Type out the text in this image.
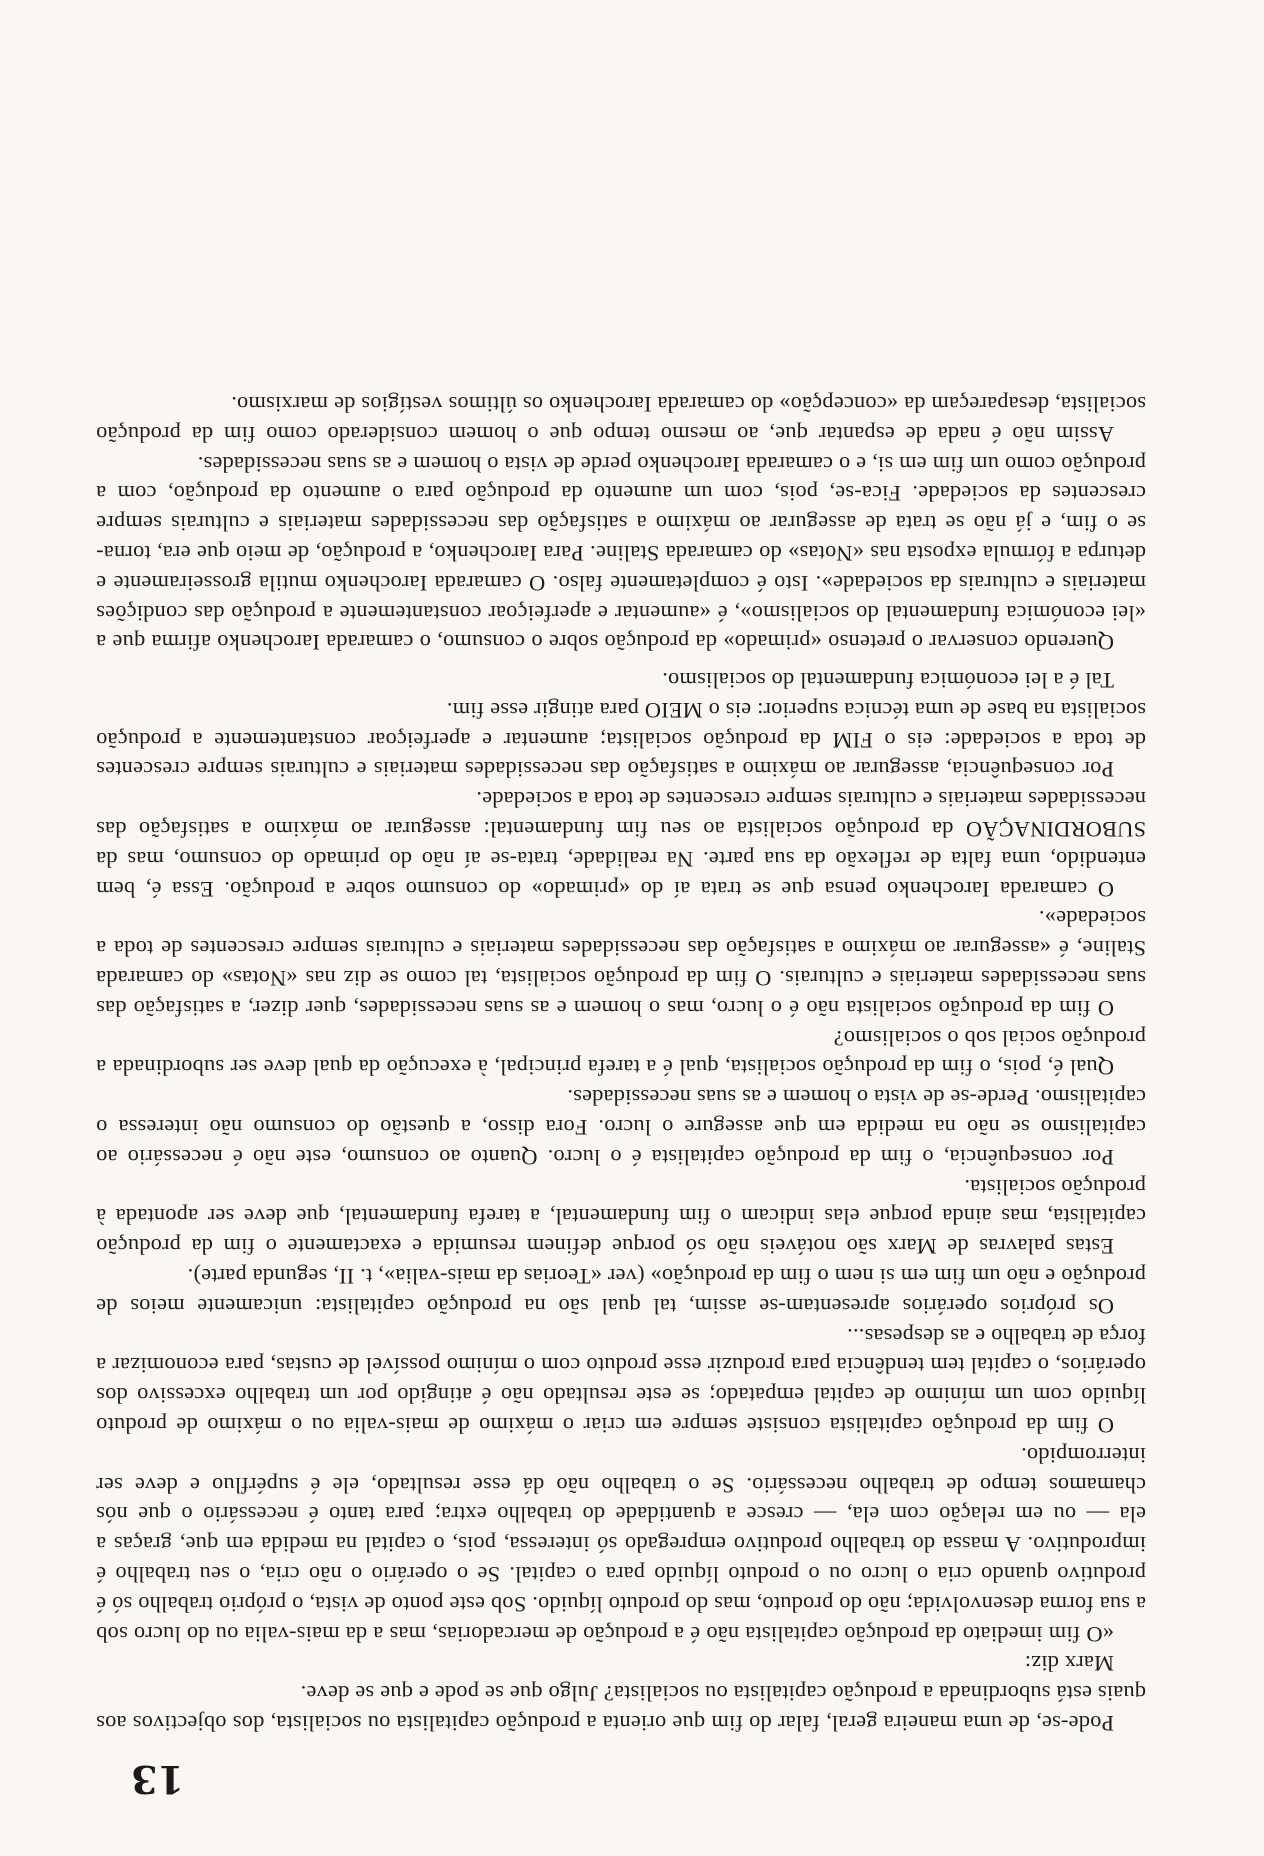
13

Pode-se, de uma maneira geral, falar do fim que orienta a produção capitalista ou socialista, dos objectivos aos quais está subordinada a produção capitalista ou socialista? Julgo que se pode e que se deve.

Marx diz:

«O fim imediato da produção capitalista não é a produção de mercadorias, mas a da mais-valia ou do lucro sob a sua forma desenvolvida; não do produto, mas do produto líquido. Sob este ponto de vista, o próprio trabalho só é produtivo quando cria o lucro ou o produto líquido para o capital. Se o operário o não cria, o seu trabalho é improdutivo. A massa do trabalho produtivo empregado só interessa, pois, o capital na medida em que, graças a ela — ou em relação com ela, — cresce a quantidade do trabalho extra; para tanto é necessário o que nós chamamos tempo de trabalho necessário. Se o trabalho não dá esse resultado, ele é supérfluo e deve ser interrompido.

O fim da produção capitalista consiste sempre em criar o máximo de mais-valia ou o máximo de produto líquido com um mínimo de capital empatado; se este resultado não é atingido por um trabalho excessivo dos operários, o capital tem tendência para produzir esse produto com o mínimo possível de custas, para economizar a força de trabalho e as despesas...

Os próprios operários apresentam-se assim, tal qual são na produção capitalista: unicamente meios de produção e não um fim em si nem o fim da produção» (ver «Teorias da mais-valia», t. II, segunda parte).

Estas palavras de Marx são notáveis não só porque definem resumida e exactamente o fim da produção capitalista, mas ainda porque elas indicam o fim fundamental, a tarefa fundamental, que deve ser apontada à produção socialista.

Por consequência, o fim da produção capitalista é o lucro. Quanto ao consumo, este não é necessário ao capitalismo se não na medida em que assegure o lucro. Fora disso, a questão do consumo não interessa o capitalismo. Perde-se de vista o homem e as suas necessidades.

Qual é, pois, o fim da produção socialista, qual é a tarefa principal, à execução da qual deve ser subordinada a produção social sob o socialismo?

O fim da produção socialista não é o lucro, mas o homem e as suas necessidades, quer dizer, a satisfação das suas necessidades materiais e culturais. O fim da produção socialista, tal como se diz nas «Notas» do camarada Staline, é «assegurar ao máximo a satisfação das necessidades materiais e culturais sempre crescentes de toda a sociedade».

O camarada Iarochenko pensa que se trata aí do «primado» do consumo sobre a produção. Essa é, bem entendido, uma falta de reflexão da sua parte. Na realidade, trata-se aí não do primado do consumo, mas da SUBORDINAÇÃO da produção socialista ao seu fim fundamental: assegurar ao máximo a satisfação das necessidades materiais e culturais sempre crescentes de toda a sociedade.

Por consequência, assegurar ao máximo a satisfação das necessidades materiais e culturais sempre crescentes de toda a sociedade: eis o FIM da produção socialista; aumentar e aperfeiçoar constantemente a produção socialista na base de uma técnica superior: eis o MEIO para atingir esse fim.

Tal é a lei económica fundamental do socialismo.

Querendo conservar o pretenso «primado» da produção sobre o consumo, o camarada Iarochenko afirma que a «lei económica fundamental do socialismo», é «aumentar e aperfeiçoar constantemente a produção das condições materiais e culturais da sociedade». Isto é completamente falso. O camarada Iarochenko mutila grosseiramente e deturpa a fórmula exposta nas «Notas» do camarada Staline. Para Iarochenko, a produção, de meio que era, torna-se o fim, e já não se trata de assegurar ao máximo a satisfação das necessidades materiais e culturais sempre crescentes da sociedade. Fica-se, pois, com um aumento da produção para o aumento da produção, com a produção como um fim em si, e o camarada Iarochenko perde de vista o homem e as suas necessidades.

Assim não é nada de espantar que, ao mesmo tempo que o homem considerado como fim da produção socialista, desapareçam da «concepção» do camarada Iarochenko os últimos vestígios de marxismo.
